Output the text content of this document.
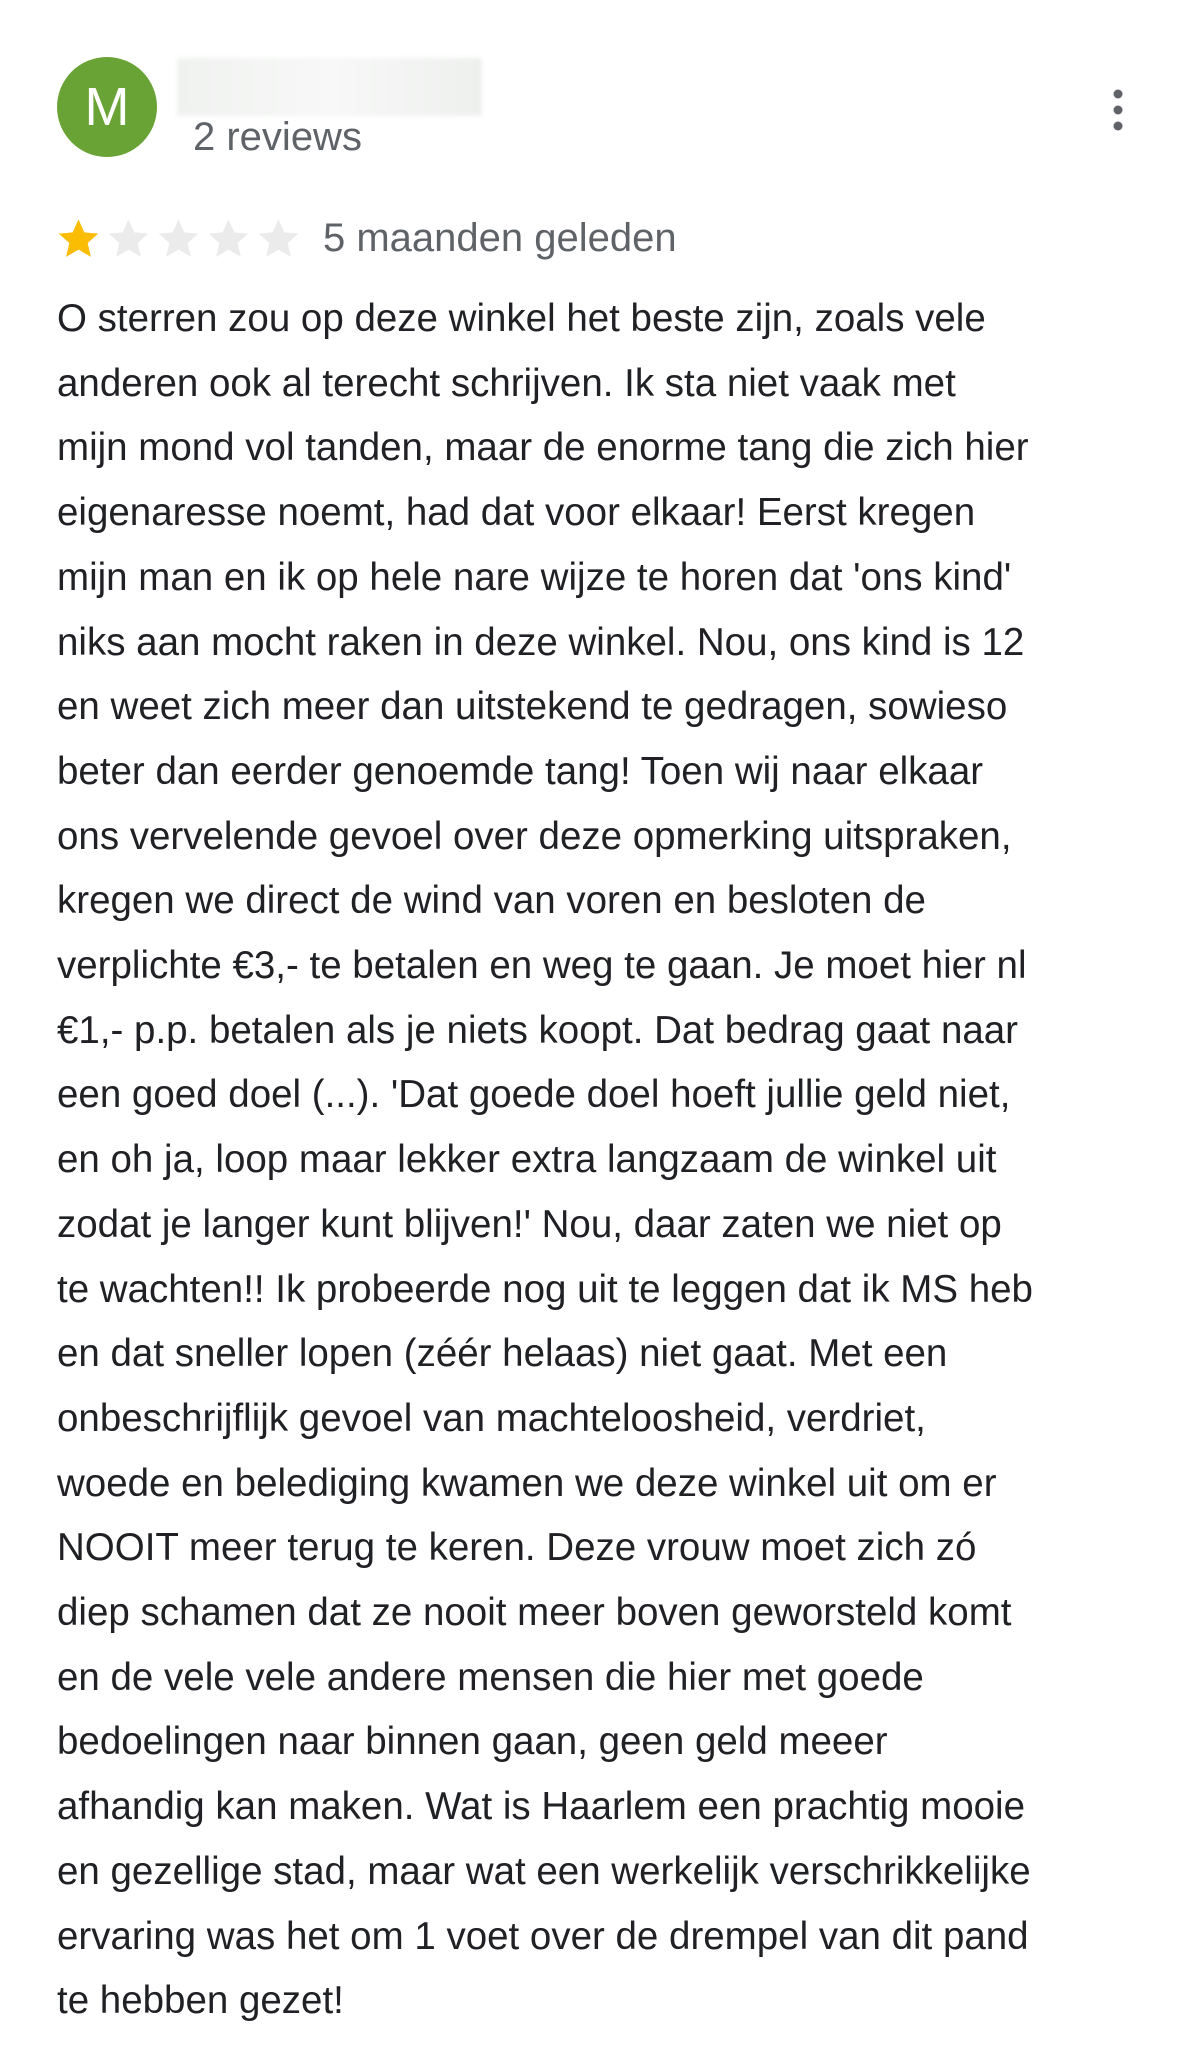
M	2 reviews
5 maanden geleden
O sterren zou op deze winkel het beste zijn, zoals vele
anderen ook al terecht schrijven. Ik sta niet vaak met
mijn mond vol tanden, maar de enorme tang die zich hier
eigenaresse noemt, had dat voor elkaar! Eerst kregen
mijn man en ik op hele nare wijze te horen dat 'ons kind'
niks aan mocht raken in deze winkel. Nou, ons kind is 12
en weet zich meer dan uitstekend te gedragen, sowieso
beter dan eerder genoemde tang! Toen wij naar elkaar
ons vervelende gevoel over deze opmerking uitspraken,
kregen we direct de wind van voren en besloten de
verplichte €3,- te betalen en weg te gaan. Je moet hier nl
€1,- p.p. betalen als je niets koopt. Dat bedrag gaat naar
een goed doel (...). 'Dat goede doel hoeft jullie geld niet,
en oh ja, loop maar lekker extra langzaam de winkel uit
zodat je langer kunt blijven!' Nou, daar zaten we niet op
te wachten!! Ik probeerde nog uit te leggen dat ik MS heb
en dat sneller lopen (zéér helaas) niet gaat. Met een
onbeschrijflijk gevoel van machteloosheid, verdriet,
woede en belediging kwamen we deze winkel uit om er
NOOIT meer terug te keren. Deze vrouw moet zich zó
diep schamen dat ze nooit meer boven geworsteld komt
en de vele vele andere mensen die hier met goede
bedoelingen naar binnen gaan, geen geld meeer
afhandig kan maken. Wat is Haarlem een prachtig mooie
en gezellige stad, maar wat een werkelijk verschrikkelijke
ervaring was het om 1 voet over de drempel van dit pand
te hebben gezet!
